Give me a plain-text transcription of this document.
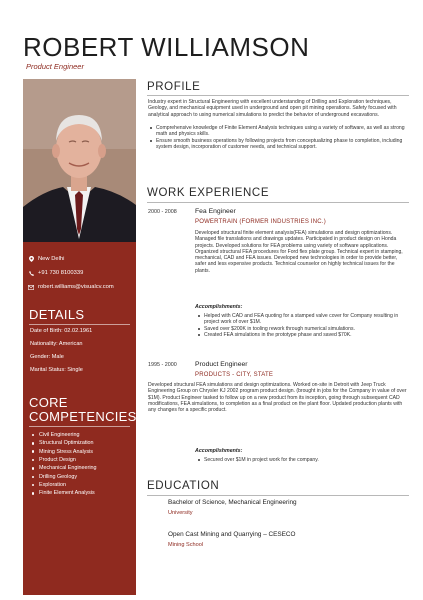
ROBERT WILLIAMSON
Product Engineer
New Delhi
+91 730 8100339
robert.williams@visualcv.com
DETAILS
Date of Birth: 02.02.1961
Nationality: American
Gender: Male
Marital Status: Single
CORE
COMPETENCIES
Civil Engineering
Structural Optimization
Mining Stress Analysis
Product Design
Mechanical Engineering
Drilling Geology
Exploration
Finite Element Analysis
PROFILE
Industry expert in Structural Engineering with excellent understanding of Drilling and Exploration techniques, Geology, and mechanical equipment used in underground and open pit mining operations. Safety focused with analytical approach to using numerical simulations to predict the behavior of underground excavations.
Comprehensive knowledge of Finite Element Analysis techniques using a variety of software, as well as strong math and physics skills.
Ensure smooth business operations by following projects from conceptualizing phase to completion, including system design, incorporation of customer needs, and technical support.
WORK EXPERIENCE
2000 - 2008	Fea Engineer
POWERTRAIN (FORMER INDUSTRIES INC.)
Developed structural finite element analysis(FEA) simulations and design optimizations. Managed file translations and drawings updates. Participated in product design on Honda projects. Developed solutions for FEA problems using variety of software applications. Organized structural FEA procedures for Ford flex plate group. Technical expert in stamping, mechanical, CAD and FEA issues. Developed new technologies in order to provide better, safer and less expensive products. Technical counselor on highly technical issues for the plants.
Accomplishments:
Helped with CAD and FEA quoting for a stamped valve cover for Company resulting in project work of over $1M.
Saved over $200K in tooling rework through numerical simulations.
Created FEA simulations in the prototype phase and saved $70K.
1995 - 2000	Product Engineer
PRODUCTS - CITY, STATE
Developed structural FEA simulations and design optimizations. Worked on-site in Detroit with Jeep Truck Engineering Group on Chrysler KJ 2002 program product design. (brought in jobs for the Company in value of over $1M). Product Engineer tasked to follow up on a new product from its inception, going through subsequent CAD modifications, FEA simulations, to completion as a final product on the plant floor. Updated production plants with any changes for a specific product.
Accomplishments:
Secured over $1M in project work for the company.
EDUCATION
Bachelor of Science, Mechanical Engineering
University
Open Cast Mining and Quarrying – CESECO
Mining School
